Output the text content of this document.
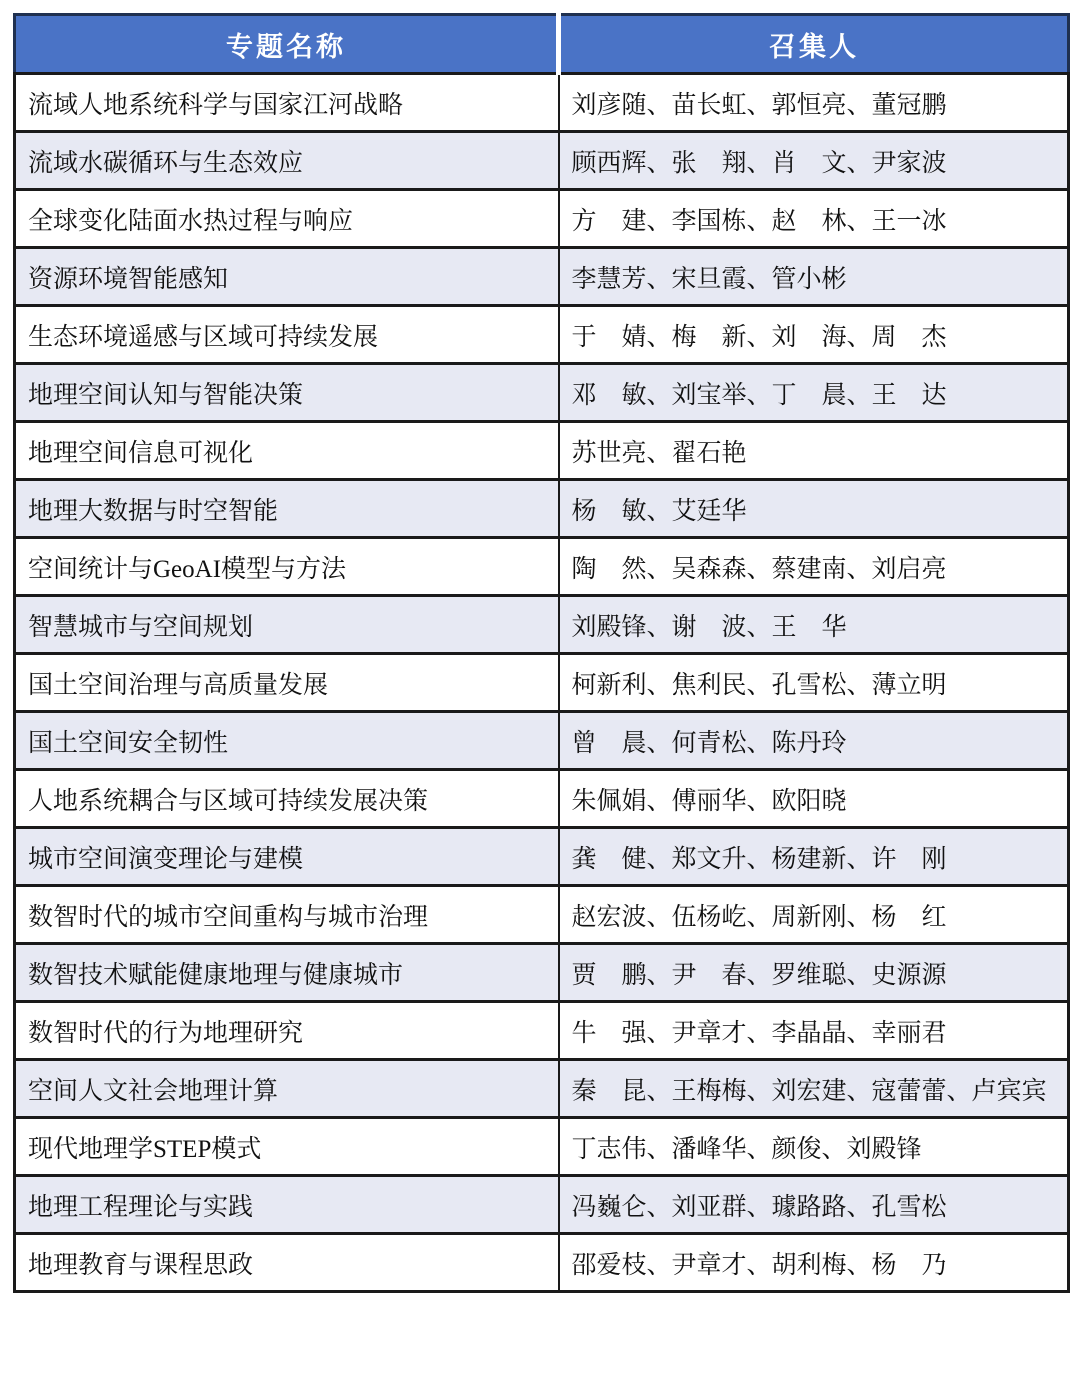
专题名称	召集人
流域人地系统科学与国家江河战略	刘彦随、苗长虹、郭恒亮、董冠鹏
流域水碳循环与生态效应	顾西辉、张　翔、肖　文、尹家波
全球变化陆面水热过程与响应	方　建、李国栋、赵　林、王一冰
资源环境智能感知	李慧芳、宋旦霞、管小彬
生态环境遥感与区域可持续发展	于　婧、梅　新、刘　海、周　杰
地理空间认知与智能决策	邓　敏、刘宝举、丁　晨、王　达
地理空间信息可视化	苏世亮、翟石艳
地理大数据与时空智能	杨　敏、艾廷华
空间统计与GeoAI模型与方法	陶　然、吴森森、蔡建南、刘启亮
智慧城市与空间规划	刘殿锋、谢　波、王　华
国土空间治理与高质量发展	柯新利、焦利民、孔雪松、薄立明
国土空间安全韧性	曾　晨、何青松、陈丹玲
人地系统耦合与区域可持续发展决策	朱佩娟、傅丽华、欧阳晓
城市空间演变理论与建模	龚　健、郑文升、杨建新、许　刚
数智时代的城市空间重构与城市治理	赵宏波、伍杨屹、周新刚、杨　红
数智技术赋能健康地理与健康城市	贾　鹏、尹　春、罗维聪、史源源
数智时代的行为地理研究	牛　强、尹章才、李晶晶、幸丽君
空间人文社会地理计算	秦　昆、王梅梅、刘宏建、寇蕾蕾、卢宾宾
现代地理学STEP模式	丁志伟、潘峰华、颜俊、刘殿锋
地理工程理论与实践	冯巍仑、刘亚群、璩路路、孔雪松
地理教育与课程思政	邵爱枝、尹章才、胡利梅、杨　乃
